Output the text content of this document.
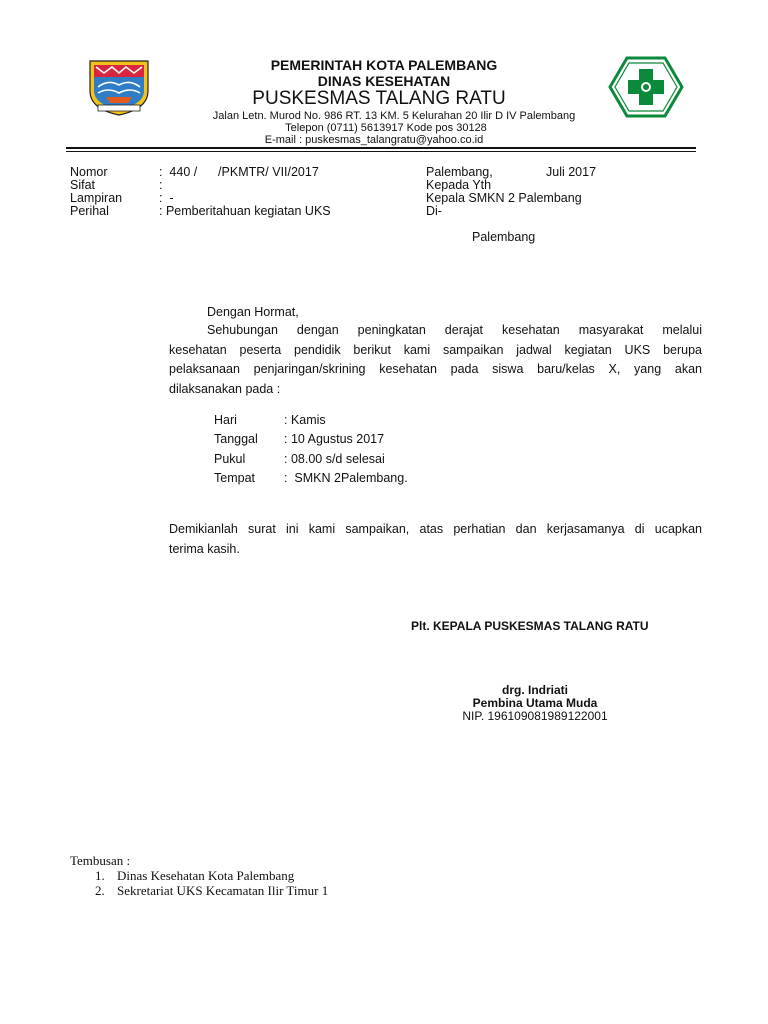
PEMERINTAH KOTA PALEMBANG
DINAS KESEHATAN
PUSKESMAS TALANG RATU
Jalan Letn. Murod No. 986 RT. 13 KM. 5 Kelurahan 20 Ilir D IV Palembang
Telepon (0711) 5613917 Kode pos 30128
E-mail : puskesmas_talangratu@yahoo.co.id
Nomor	:  440 /      /PKMTR/ VII/2017
Sifat	:
Lampiran	:  -
Perihal	: Pemberitahuan kegiatan UKS
Palembang,	Juli 2017
Kepada Yth
Kepala SMKN 2 Palembang
Di-
Palembang
Dengan Hormat,
Sehubungan dengan peningkatan derajat kesehatan masyarakat melalui
kesehatan peserta pendidik berikut kami sampaikan jadwal kegiatan UKS berupa
pelaksanaan penjaringan/skrining kesehatan pada siswa baru/kelas X, yang akan
dilaksanakan pada :
Hari	: Kamis
Tanggal : 10 Agustus 2017
Pukul	: 08.00 s/d selesai
Tempat :  SMKN 2Palembang.
Demikianlah surat ini kami sampaikan, atas perhatian dan kerjasamanya di ucapkan
terima kasih.
Plt. KEPALA PUSKESMAS TALANG RATU
drg. Indriati
Pembina Utama Muda
NIP. 196109081989122001
Tembusan :
1. Dinas Kesehatan Kota Palembang
2. Sekretariat UKS Kecamatan Ilir Timur 1
